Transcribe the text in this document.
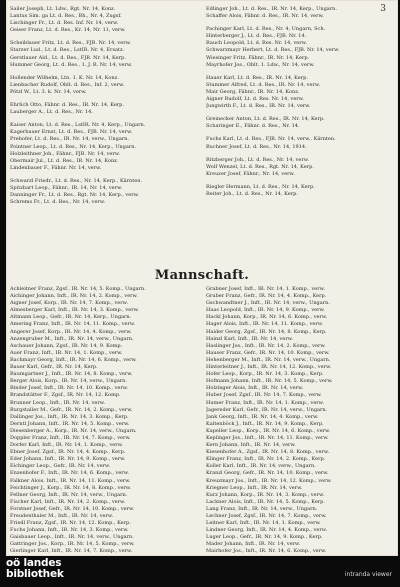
3
Sailer Joseph, Lt. Ldw., Rgt. Nr. 14, Konz.
Lantus Sim. ga Lt. d. Res., Bh., Nr. 4, Zugsf.
Lischinger Fr., Lt. d. Res. Inf. Nr. 14, verw.
Geiser Franz, Lt. d. Res., Kr. 14, Nr. 11, verw.
Scheiblauer Fritz, Lt. d. Res., FJB. Nr. 14, verw.
Starzer Lud., Lt. d. Res., LstIR. Nr. 4, Ersatz.
Gerstlauer Ald., Lt. d. Res., FJB. Nr. 14, Kerp.
Hummer Georg, Lt. d. Res., 1. J. R. Nr. 14, verw.
Hollender Wilhelm, Ltn. 1. K. Nr. 14, Konz.
Lienbacher Rudolf, Oblt. d. Res., Inf. 2, verw.
Pötzl W., Lt. 3. k. Nr. 14, verw.
Ehrlich Otto, Fähnr. d. Res., IR. Nr. 14, Kerp.
Lauberger A., Lt. d. Res., Nr. 14.
Kaiser Anton, Lt. d. Res., LstIR. Nr. 4, Kerp., Ungarn.
Kagerbauer Ernst, Lt. d. Res., FJB. Nr. 14, verw.
Prehofer, Lt. d. Res., IR. Nr. 14, verw., Ungarn.
Pointner Leop., Lt. d. Res., Nr. 14, Kerp., Ungarn.
Holzleithner Joh., Fähnr., FJB. Nr. 14, verw.
Obermair Jul., Lt. d. Res., IR. Nr. 14, Konz.
Lindenbauer F., Fähnr. Nr. 14, verw.
Schwarzl Friedr., Lt. d. Res., Nr. 14, Kerp., Kärnten.
Spitzbart Leop., Fähnr., IR. 14, Nr. 14, verw.
Danninger Fr., Lt. d. Res., Rgt. Nr. 14, Kerp., verw.
Schrems Fr., Lt. d. Res., Nr. 14, verw.
Edlinger Joh., Lt. d. Res., IR. Nr. 14, Kerp., Ungarn.
Schaffer Alois, Fähnr. d. Res., IR. Nr. 14, verw.
Pachinger Karl, Lt. d. Res., Nr. 4, Ungarn, Sch.
Hinterberger J., Lt. d. Res., FJB. Nr. 14.
Rauch Leopold, Lt. d. Res. Nr. 14, verw.
Schwarzmayr Herbert, Lt. d. Res., FJB. Nr. 14, verw.
Wiesinger Fritz, Fähnr., IR. Nr. 14, Kerp.
Mayrhofer Jos., Oblt. 1. Ldw., Nr. 14, verw.
Hauer Karl, Lt. d. Res., IR. Nr. 14, Kerp.
Stummer Alfred, Lt. d. Res., IR. Nr. 14, verw.
Mair Georg, Fähnr., IR. Nr. 14, Konz.
Aigner Rudolf, Lt. d. Res. Nr. 14, verw.
Jungwirth F., Lt. d. Res., IR. Nr. 14, verw.
Greinecker Anton, Lt. d. Res., IR. Nr. 14, Kerp.
Scharinger E., Fähnr. d. Res., Nr. 14.
Fuchs Karl, Lt. d. Res., FJB. Nr. 14, verw., Kärnten.
Buchner Josef, Lt. d. Res., Nr. 14, 1914.
Ritzberger Joh., Lt. d. Res., Nr. 14, verw.
Wolf Wenzel, Lt. d. Res., Rgt. Nr. 14, Kerp.
Kreuzer Josef, Fähnr., Nr. 14, verw.
Riegler Hermann, Lt. d. Res., Nr. 14, Kerp.
Reiter Joh., Lt. d. Res., Nr. 14, Kerp.
Mannschaft.
Achleitner Franz, Zgsf., IR. Nr. 14, 5. Komp., Ungarn.
Aichinger Johann, Inft., IR. Nr. 14, 2. Komp., verw.
Aigner Josef, Korp., IR. Nr. 14, 7. Komp., verw.
Almesberger Karl, Inft., IR. Nr. 14, 3. Komp., verw.
Altmann Leop., Gefr., IR. Nr. 14, Kerp., Ungarn.
Amering Franz, Inft., IR. Nr. 14, 11. Komp., verw.
Angerer Josef, Korp., IR. Nr. 14, 4. Komp., verw.
Anzengruber M., Inft., IR. Nr. 14, verw., Ungarn.
Aschauer Johann, Zgsf., IR. Nr. 14, 9. Komp.
Auer Franz, Inft., IR. Nr. 14, 1. Komp., verw.
Bachmayr Georg, Inft., IR. Nr. 14, 6. Komp., verw.
Bauer Karl, Gefr., IR. Nr. 14, Kerp.
Baumgartner J., Inft., IR. Nr. 14, 8. Komp., verw.
Berger Alois, Korp., IR. Nr. 14, verw., Ungarn.
Binder Josef, Inft., IR. Nr. 14, 10. Komp., verw.
Brandstätter F., Zgsf., IR. Nr. 14, 12. Komp.
Brunner Leop., Inft., IR. Nr. 14, verw.
Burgstaller M., Gefr., IR. Nr. 14, 2. Komp., verw.
Dallinger Jos., Inft., IR. Nr. 14, 3. Komp., Kerp.
Derntl Johann, Inft., IR. Nr. 14, 5. Komp., verw.
Diesenberger A., Korp., IR. Nr. 14, verw., Ungarn.
Doppler Franz, Inft., IR. Nr. 14, 7. Komp., verw.
Dorfer Karl, Inft., IR. Nr. 14, 1. Komp., verw.
Ebner Josef, Zgsf., IR. Nr. 14, 4. Komp., Kerp.
Eder Johann, Inft., IR. Nr. 14, 9. Komp., verw.
Eichinger Leop., Gefr., IR. Nr. 14, verw.
Enzenhofer F., Inft., IR. Nr. 14, 6. Komp., verw.
Falkner Alois, Inft., IR. Nr. 14, 11. Komp., verw.
Feichtinger J., Korp., IR. Nr. 14, 8. Komp., verw.
Fellner Georg, Inft., IR. Nr. 14, verw., Ungarn.
Fischer Karl, Inft., IR. Nr. 14, 2. Komp., verw.
Forstner Josef, Gefr., IR. Nr. 14, 10. Komp., verw.
Freudenthaler M., Inft., IR. Nr. 14, verw.
Friedl Franz, Zgsf., IR. Nr. 14, 12. Komp., Kerp.
Fuchs Johann, Inft., IR. Nr. 14, 3. Komp., verw.
Gaisbauer Leop., Inft., IR. Nr. 14, verw., Ungarn.
Gattringer Jos., Korp., IR. Nr. 14, 5. Komp., verw.
Gierlinger Karl, Inft., IR. Nr. 14, 7. Komp., verw.
Grabner Josef, Inft., IR. Nr. 14, 1. Komp., verw.
Gruber Franz, Gefr., IR. Nr. 14, 4. Komp., Kerp.
Gschwandtner J., Inft., IR. Nr. 14, verw., Ungarn.
Haas Leopold, Inft., IR. Nr. 14, 9. Komp., verw.
Hackl Johann, Korp., IR. Nr. 14, 6. Komp., verw.
Hager Alois, Inft., IR. Nr. 14, 11. Komp., verw.
Haider Georg, Zgsf., IR. Nr. 14, 8. Komp., Kerp.
Hainzl Karl, Inft., IR. Nr. 14, verw.
Haslinger Jos., Inft., IR. Nr. 14, 2. Komp., verw.
Hauser Franz, Gefr., IR. Nr. 14, 10. Komp., verw.
Hehenberger M., Inft., IR. Nr. 14, verw., Ungarn.
Hinterleitner J., Inft., IR. Nr. 14, 12. Komp., verw.
Hofer Leop., Korp., IR. Nr. 14, 3. Komp., Kerp.
Hofmann Johann, Inft., IR. Nr. 14, 5. Komp., verw.
Holzinger Alois, Inft., IR. Nr. 14, verw.
Huber Josef, Zgsf., IR. Nr. 14, 7. Komp., verw.
Humer Franz, Inft., IR. Nr. 14, 1. Komp., verw.
Jagereder Karl, Gefr., IR. Nr. 14, verw., Ungarn.
Jank Georg, Inft., IR. Nr. 14, 4. Komp., verw.
Kaltenböck J., Inft., IR. Nr. 14, 9. Komp., Kerp.
Kapeller Leop., Korp., IR. Nr. 14, 6. Komp., verw.
Keplinger Jos., Inft., IR. Nr. 14, 11. Komp., verw.
Kern Johann, Inft., IR. Nr. 14, verw.
Kiesenhofer A., Zgsf., IR. Nr. 14, 8. Komp., verw.
Klinger Franz, Inft., IR. Nr. 14, 2. Komp., Kerp.
Koller Karl, Inft., IR. Nr. 14, verw., Ungarn.
Kranzl Georg, Gefr., IR. Nr. 14, 10. Komp., verw.
Kreuzmayr Jos., Inft., IR. Nr. 14, 12. Komp., verw.
Kriegner Leop., Inft., IR. Nr. 14, verw.
Kurz Johann, Korp., IR. Nr. 14, 3. Komp., verw.
Lackner Alois, Inft., IR. Nr. 14, 5. Komp., Kerp.
Lang Franz, Inft., IR. Nr. 14, verw., Ungarn.
Lechner Josef, Zgsf., IR. Nr. 14, 7. Komp., verw.
Leitner Karl, Inft., IR. Nr. 14, 1. Komp., verw.
Lindner Georg, Inft., IR. Nr. 14, 4. Komp., verw.
Luger Leop., Gefr., IR. Nr. 14, 9. Komp., Kerp.
Mader Johann, Inft., IR. Nr. 14, verw.
Mairhofer Jos., Inft., IR. Nr. 14, 6. Komp., verw.
oö landes
bibliothek	intranda viewer
